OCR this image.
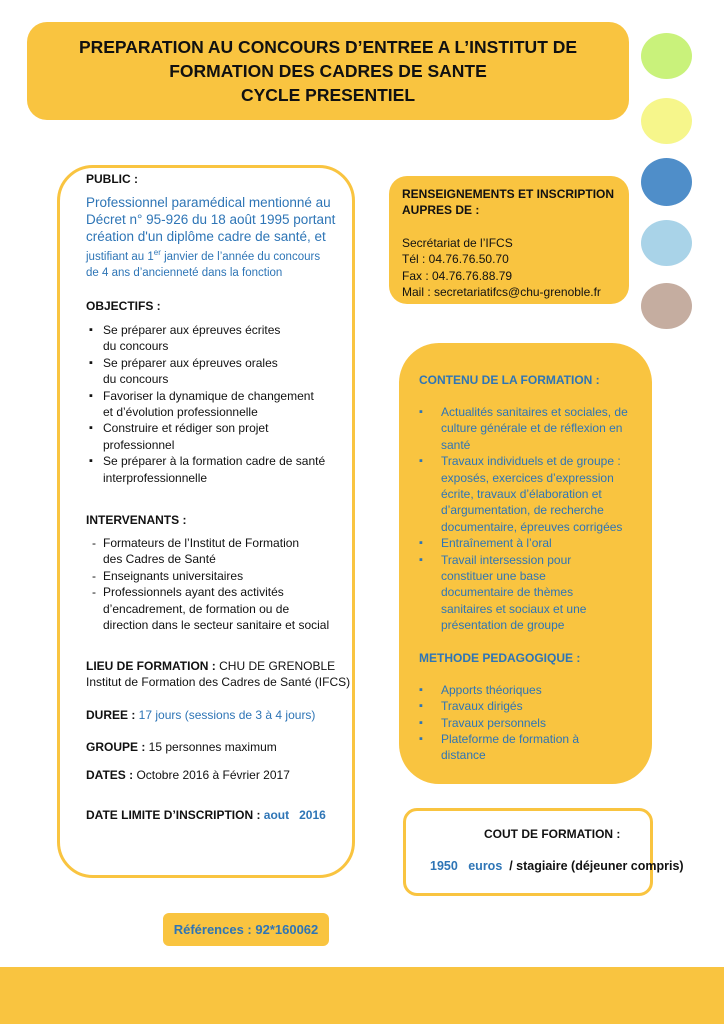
PREPARATION AU CONCOURS D’ENTREE A L’INSTITUT DE
FORMATION DES CADRES DE SANTE
CYCLE PRESENTIEL
PUBLIC :
Professionnel paramédical mentionné au
Décret n° 95-926 du 18 août 1995 portant
création d'un diplôme cadre de santé, et
justifiant au 1er janvier de l’année du concours
de 4 ans d’ancienneté dans la fonction
OBJECTIFS :
▪ Se préparer aux épreuves écrites
du concours
▪ Se préparer aux épreuves orales
du concours
▪ Favoriser la dynamique de changement
et d’évolution professionnelle
▪ Construire et rédiger son projet
professionnel
▪ Se préparer à la formation cadre de santé
interprofessionnelle
INTERVENANTS :
- Formateurs de l’Institut de Formation
des Cadres de Santé
- Enseignants universitaires
- Professionnels ayant des activités
d’encadrement, de formation ou de
direction dans le secteur sanitaire et social
LIEU DE FORMATION : CHU DE GRENOBLE
Institut de Formation des Cadres de Santé (IFCS)
DUREE : 17 jours (sessions de 3 à 4 jours)
GROUPE : 15 personnes maximum
DATES : Octobre 2016 à Février 2017
DATE LIMITE D’INSCRIPTION : aout   2016
RENSEIGNEMENTS ET INSCRIPTION
AUPRES DE :
Secrétariat de l’IFCS
Tél : 04.76.76.50.70
Fax : 04.76.76.88.79
Mail : secretariatifcs@chu-grenoble.fr
CONTENU DE LA FORMATION :
▪ Actualités sanitaires et sociales, de
culture générale et de réflexion en
santé
▪ Travaux individuels et de groupe :
exposés, exercices d’expression
écrite, travaux d’élaboration et
d’argumentation, de recherche
documentaire, épreuves corrigées
▪ Entraînement à l’oral
▪ Travail intersession pour
constituer une base
documentaire de thèmes
sanitaires et sociaux et une
présentation de groupe
METHODE PEDAGOGIQUE :
▪ Apports théoriques
▪ Travaux dirigés
▪ Travaux personnels
▪ Plateforme de formation à
distance
COUT DE FORMATION :
1950   euros  / stagiaire (déjeuner compris)
Références : 92*160062
